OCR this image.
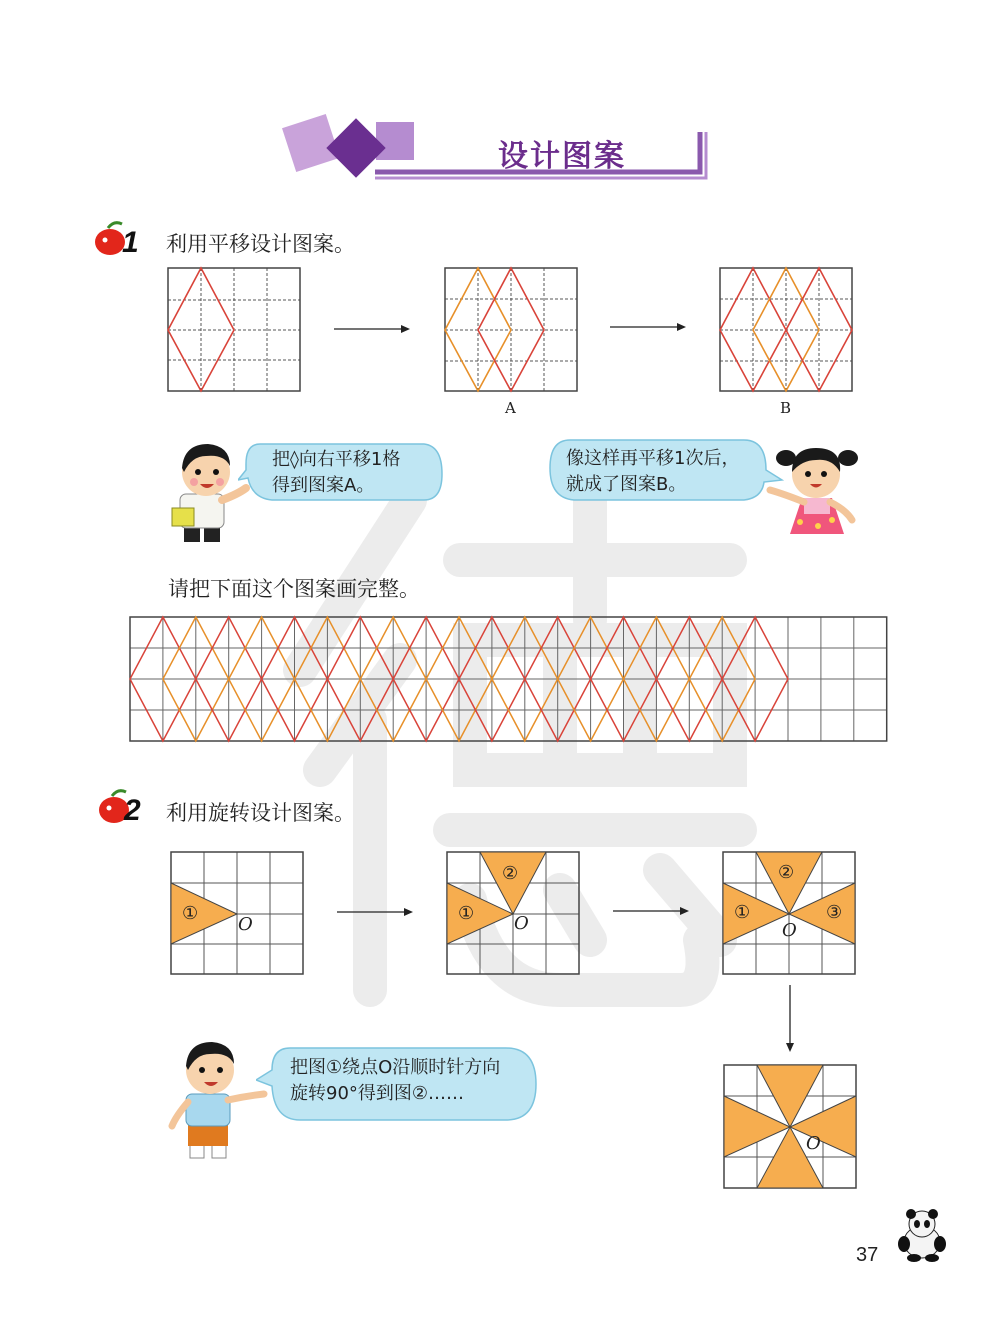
设计图案
1 利用平移设计图案。
A	B
把◊向右平移1格
得到图案A。
像这样再平移1次后，
就成了图案B。
请把下面这个图案画完整。
2 利用旋转设计图案。
①
O
①
②
O
①
②
③
O
O
把图①绕点O沿顺时针方向
旋转90°得到图②……
37
